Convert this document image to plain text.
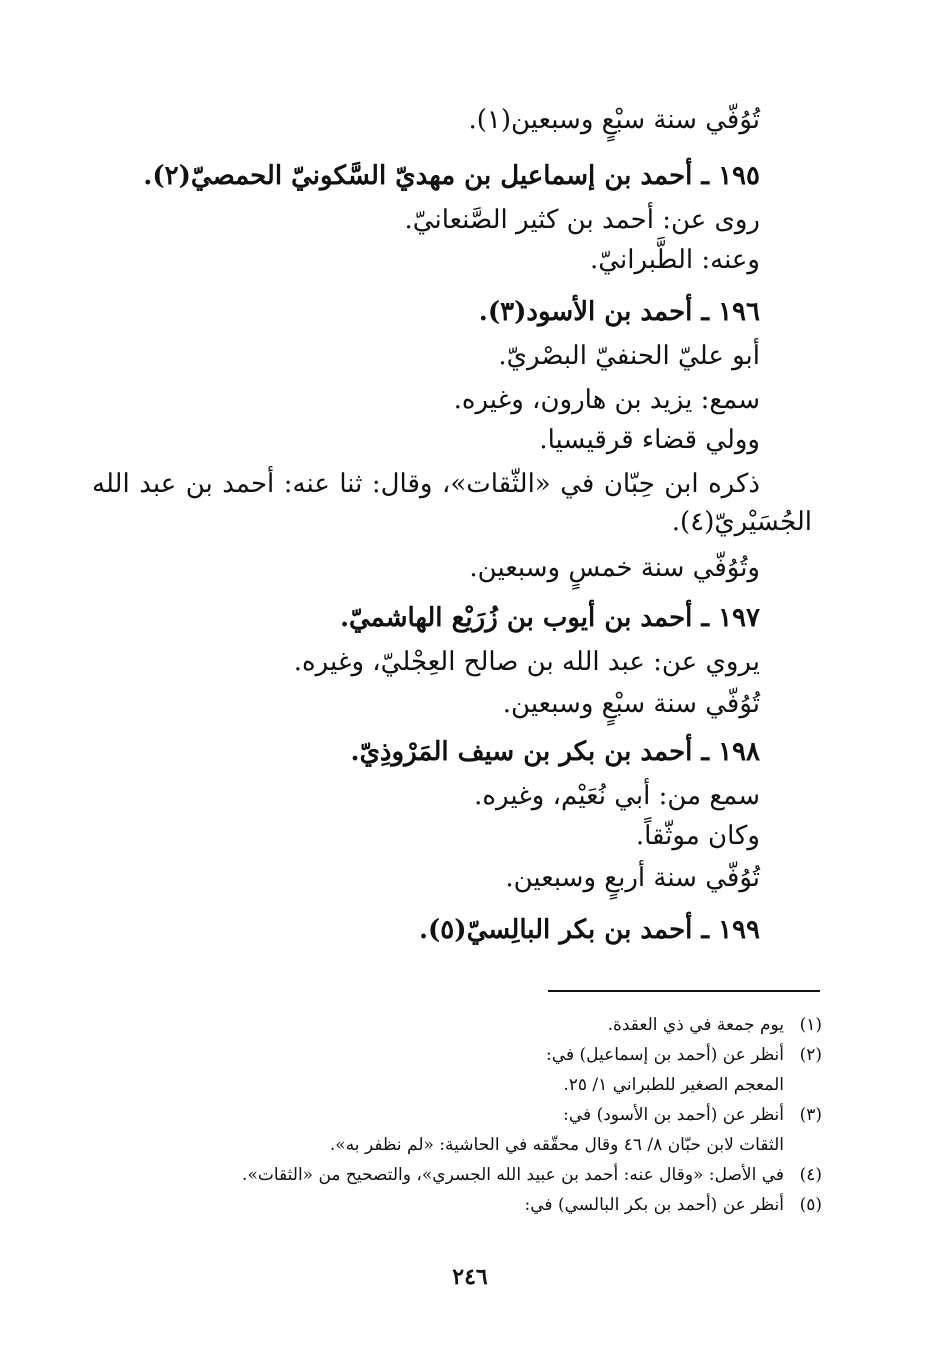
تُوُفّي سنة سبْعٍ وسبعين(١).
١٩٥ ـ أحمد بن إسماعيل بن مهديّ السَّكونيّ الحمصيّ(٢).
روى عن: أحمد بن كثير الصَّنعانيّ.
وعنه: الطَّبرانيّ.
١٩٦ ـ أحمد بن الأسود(٣).
أبو عليّ الحنفيّ البصْريّ.
سمع: يزيد بن هارون، وغيره.
وولي قضاء قرقيسيا.
ذكره ابن حِبّان في «الثّقات»، وقال: ثنا عنه: أحمد بن عبد الله
الجُسَيْريّ(٤).
وتُوُفّي سنة خمسٍ وسبعين.
١٩٧ ـ أحمد بن أيوب بن زُرَيْع الهاشميّ.
يروي عن: عبد الله بن صالح العِجْليّ، وغيره.
تُوُفّي سنة سبْعٍ وسبعين.
١٩٨ ـ أحمد بن بكر بن سيف المَرْوذِيّ.
سمع من: أبي نُعَيْم، وغيره.
وكان موثّقاً.
تُوُفّي سنة أربعٍ وسبعين.
١٩٩ ـ أحمد بن بكر البالِسيّ(٥).
(١)يوم جمعة في ذي العقدة.
(٢)أنظر عن (أحمد بن إسماعيل) في:
المعجم الصغير للطبراني ١/ ٢٥.
(٣)أنظر عن (أحمد بن الأسود) في:
الثقات لابن حبّان ٨/ ٤٦ وقال محقّقه في الحاشية: «لم نظفر به».
(٤)في الأصل: «وقال عنه: أحمد بن عبيد الله الجسري»، والتصحيح من «الثقات».
(٥)أنظر عن (أحمد بن بكر البالسي) في:
٢٤٦
